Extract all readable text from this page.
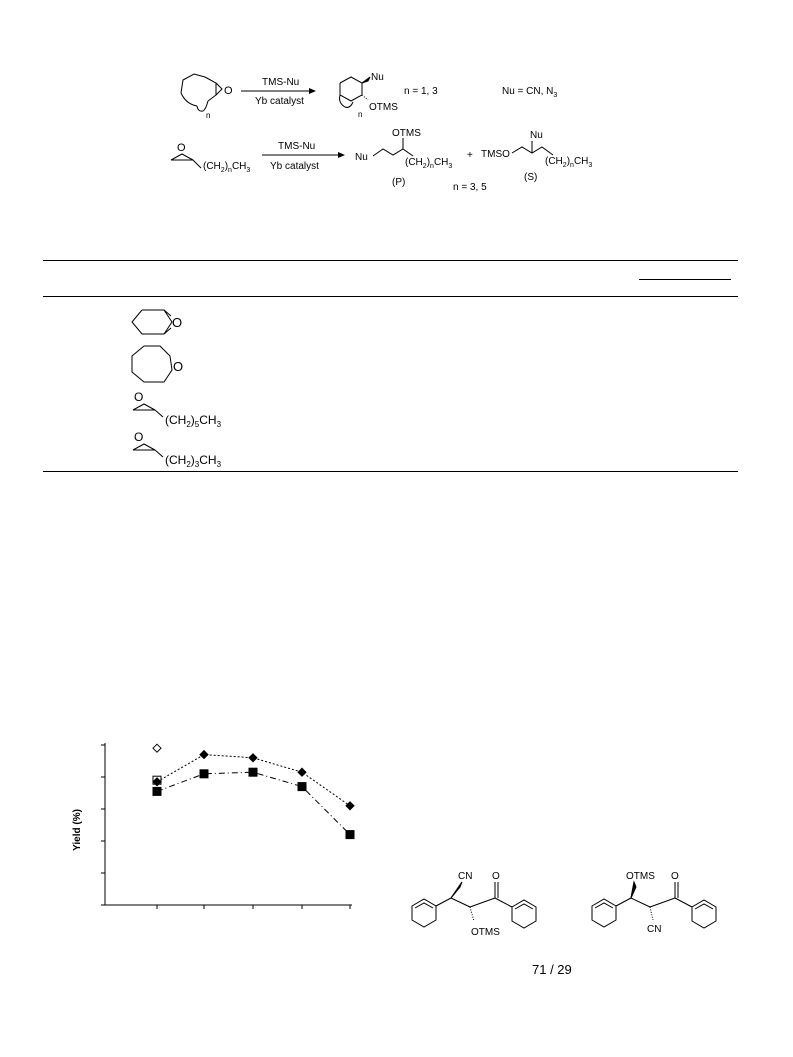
O
n
TMS-Nu
Yb catalyst
Nu
OTMS
n
n = 1, 3	Nu = CN, $N_3$
O
$(CH_2)_nCH_3$
TMS-Nu
Yb catalyst
Nu
OTMS
$(CH_2)_nCH_3$
(P)
+ TMSO
Nu
$(CH_2)_nCH_3$
(S)
n = 3, 5
O
O
O
$(CH_2)_5CH_3$
O
$(CH_2)_3CH_3$
Yield (%)
CN O
OTMS
OTMS O
CN
71 / 29
